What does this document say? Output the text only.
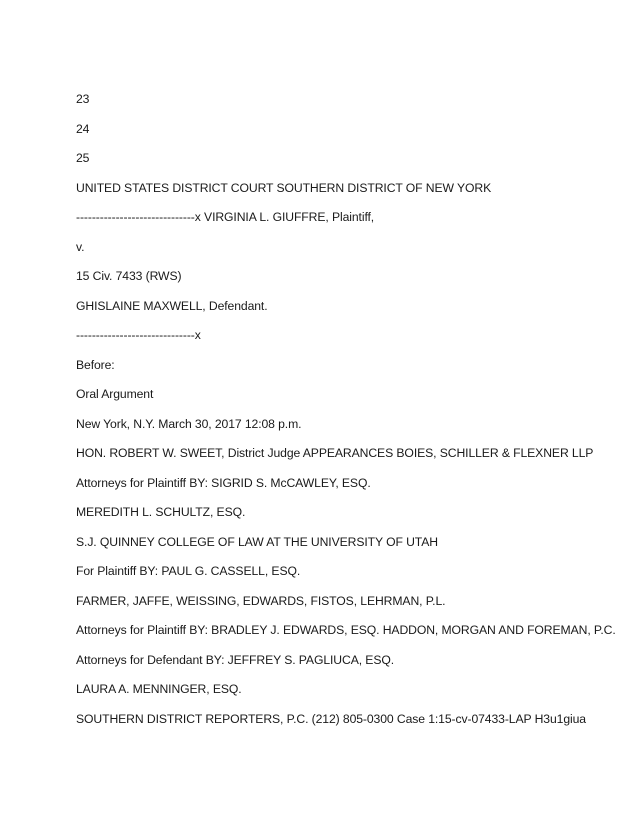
23
24
25
UNITED STATES DISTRICT COURT SOUTHERN DISTRICT OF NEW YORK
------------------------------x VIRGINIA L. GIUFFRE, Plaintiff,
v.
15 Civ. 7433 (RWS)
GHISLAINE MAXWELL, Defendant.
------------------------------x
Before:
Oral Argument
New York, N.Y. March 30, 2017 12:08 p.m.
HON. ROBERT W. SWEET, District Judge APPEARANCES BOIES, SCHILLER & FLEXNER LLP
Attorneys for Plaintiff BY: SIGRID S. McCAWLEY, ESQ.
MEREDITH L. SCHULTZ, ESQ.
S.J. QUINNEY COLLEGE OF LAW AT THE UNIVERSITY OF UTAH
For Plaintiff BY: PAUL G. CASSELL, ESQ.
FARMER, JAFFE, WEISSING, EDWARDS, FISTOS, LEHRMAN, P.L.
Attorneys for Plaintiff BY: BRADLEY J. EDWARDS, ESQ. HADDON, MORGAN AND FOREMAN, P.C.
Attorneys for Defendant BY: JEFFREY S. PAGLIUCA, ESQ.
LAURA A. MENNINGER, ESQ.
SOUTHERN DISTRICT REPORTERS, P.C. (212) 805-0300 Case 1:15-cv-07433-LAP H3u1giua
